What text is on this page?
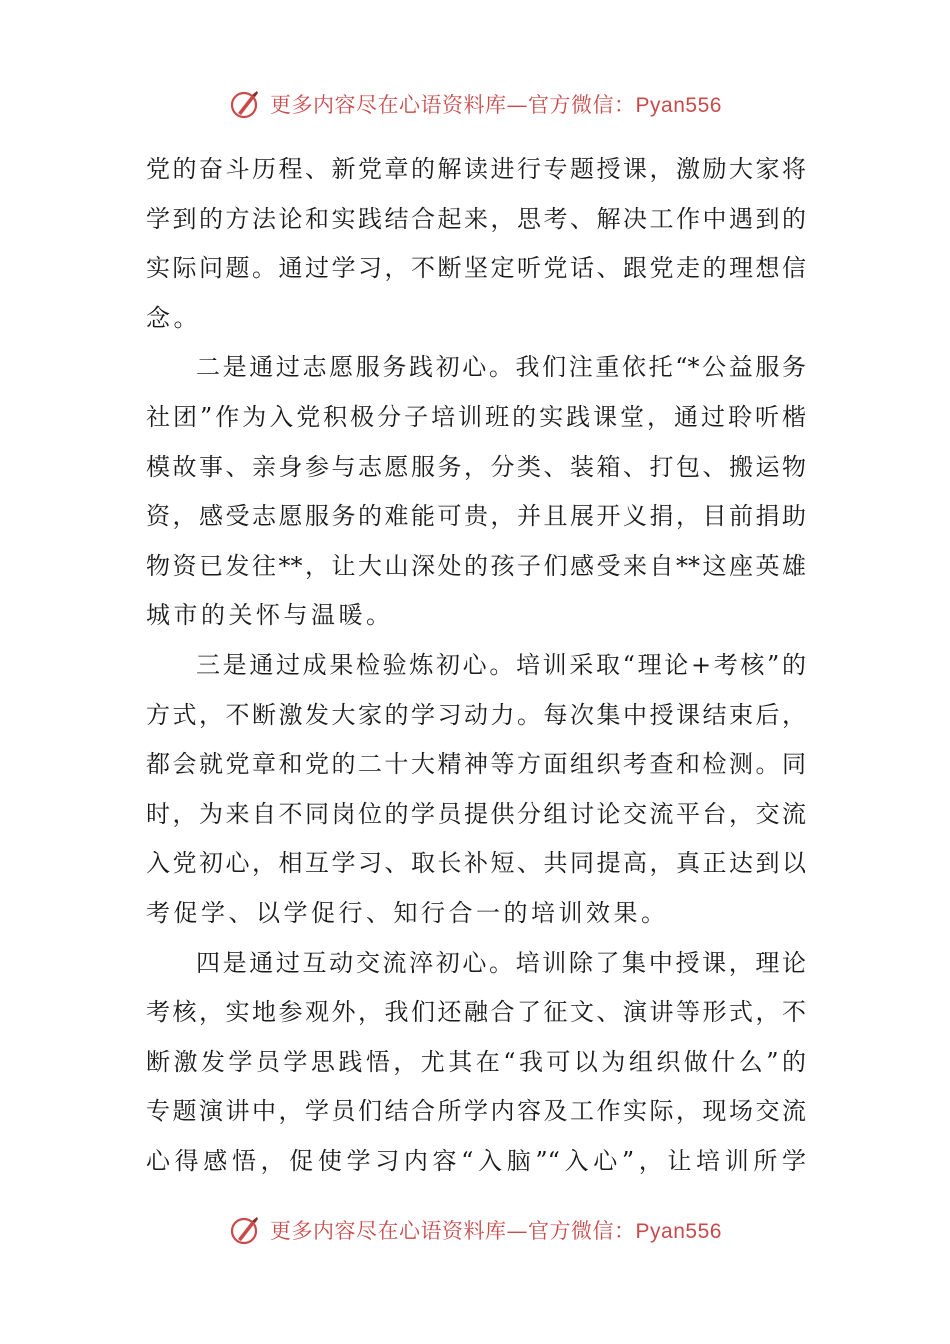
更多内容尽在心语资料库—官方微信：Pyan556
党的奋斗历程、新党章的解读进行专题授课，激励大家将
学到的方法论和实践结合起来，思考、解决工作中遇到的
实际问题。通过学习，不断坚定听党话、跟党走的理想信
念。
二是通过志愿服务践初心。我们注重依托“*公益服务
社团”作为入党积极分子培训班的实践课堂，通过聆听楷
模故事、亲身参与志愿服务，分类、装箱、打包、搬运物
资，感受志愿服务的难能可贵，并且展开义捐，目前捐助
物资已发往**，让大山深处的孩子们感受来自**这座英雄
城市的关怀与温暖。
三是通过成果检验炼初心。培训采取“理论+考核”的
方式，不断激发大家的学习动力。每次集中授课结束后，
都会就党章和党的二十大精神等方面组织考查和检测。同
时，为来自不同岗位的学员提供分组讨论交流平台，交流
入党初心，相互学习、取长补短、共同提高，真正达到以
考促学、以学促行、知行合一的培训效果。
四是通过互动交流淬初心。培训除了集中授课，理论
考核，实地参观外，我们还融合了征文、演讲等形式，不
断激发学员学思践悟，尤其在“我可以为组织做什么”的
专题演讲中，学员们结合所学内容及工作实际，现场交流
心得感悟，促使学习内容“入脑”“入心”，让培训所学
更多内容尽在心语资料库—官方微信：Pyan556
